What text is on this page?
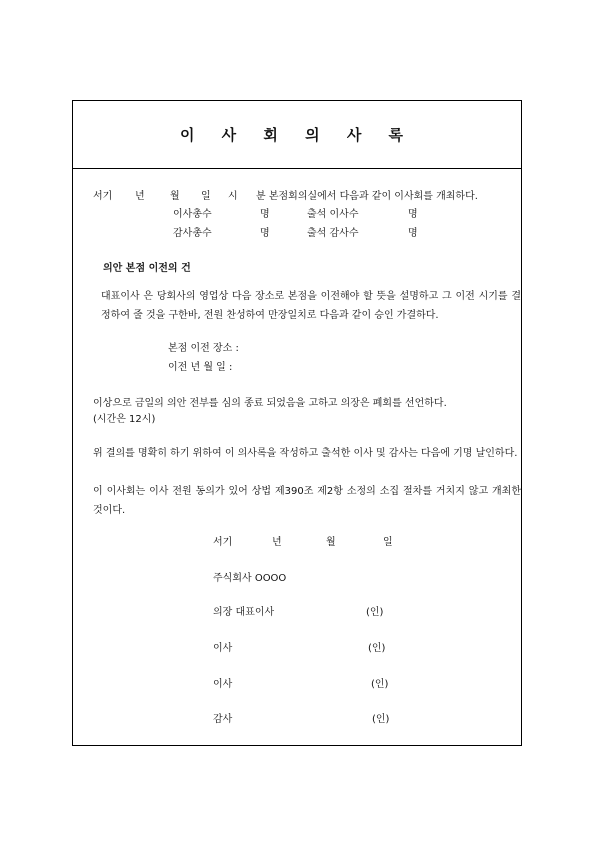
이 사 회 의 사 록
서기 년	월 일 시 분 본점회의실에서 다음과 같이 이사회를 개최하다.
이사총수	명	출석 이사수	명
감사총수	명	출석 감사수	명
의안 본점 이전의 건
대표이사 은 당회사의 영업상 다음 장소로 본점을 이전해야 할 뜻을 설명하고 그 이전 시기를 결정하여 줄 것을 구한바, 전원 찬성하여 만장일치로 다음과 같이 승인 가결하다.
본점 이전 장소 :
이전 년 월 일 :
이상으로 금일의 의안 전부를 심의 종료 되었음을 고하고 의장은 폐회를 선언하다.
(시간은 12시)
위 결의를 명확히 하기 위하여 이 의사록을 작성하고 출석한 이사 및 감사는 다음에 기명 날인하다.
이 이사회는 이사 전원 동의가 있어 상법 제390조 제2항 소정의 소집 절차를 거치지 않고 개최한 것이다.
서기	년	월	일
주식회사 OOOO
의장 대표이사	(인)
이사	(인)
이사	(인)
감사	(인)
